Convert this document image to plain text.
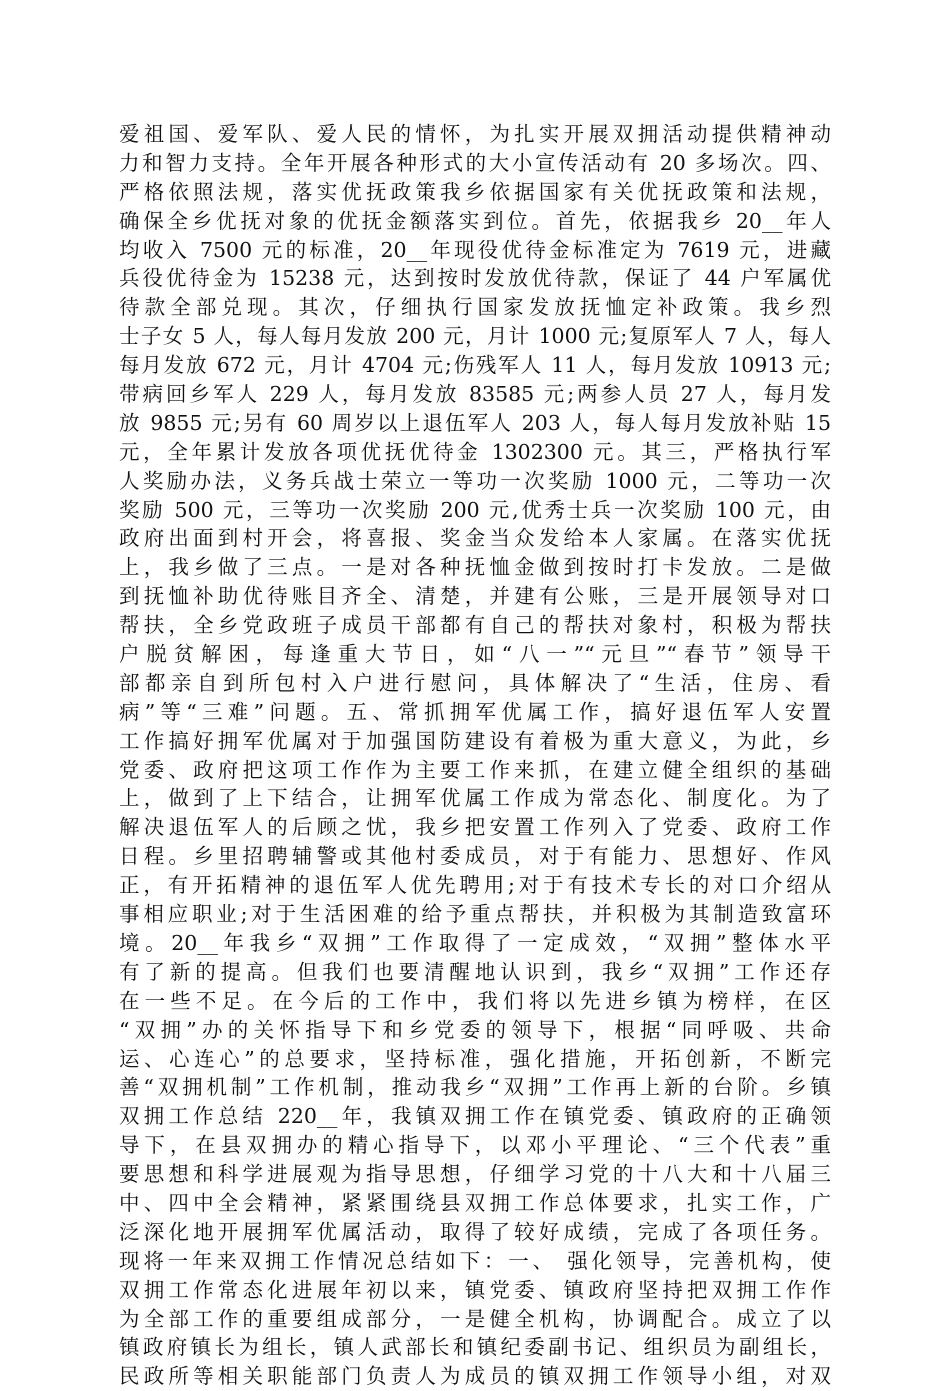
爱祖国、爱军队、爱人民的情怀，为扎实开展双拥活动提供精神动
力和智力支持。全年开展各种形式的大小宣传活动有 20 多场次。四、
严格依照法规，落实优抚政策我乡依据国家有关优抚政策和法规，
确保全乡优抚对象的优抚金额落实到位。首先，依据我乡 20__年人
均收入 7500 元的标准，20__年现役优待金标准定为 7619 元，进藏
兵役优待金为 15238 元，达到按时发放优待款，保证了 44 户军属优
待款全部兑现。其次，仔细执行国家发放抚恤定补政策。我乡烈
士子女 5 人，每人每月发放 200 元，月计 1000 元;复原军人 7 人，每人
每月发放 672 元，月计 4704 元;伤残军人 11 人，每月发放 10913 元;
带病回乡军人 229 人，每月发放 83585 元;两参人员 27 人，每月发
放 9855 元;另有 60 周岁以上退伍军人 203 人，每人每月发放补贴 15
元，全年累计发放各项优抚优待金 1302300 元。其三，严格执行军
人奖励办法，义务兵战士荣立一等功一次奖励 1000 元，二等功一次
奖励 500 元，三等功一次奖励 200 元,优秀士兵一次奖励 100 元，由
政府出面到村开会，将喜报、奖金当众发给本人家属。在落实优抚
上，我乡做了三点。一是对各种抚恤金做到按时打卡发放。二是做
到抚恤补助优待账目齐全、清楚，并建有公账，三是开展领导对口
帮扶，全乡党政班子成员干部都有自己的帮扶对象村，积极为帮扶
户脱贫解困，每逢重大节日，如“八一”“元旦”“春节”领导干
部都亲自到所包村入户进行慰问，具体解决了“生活，住房、看
病”等“三难”问题。五、常抓拥军优属工作，搞好退伍军人安置
工作搞好拥军优属对于加强国防建设有着极为重大意义，为此，乡
党委、政府把这项工作作为主要工作来抓，在建立健全组织的基础
上，做到了上下结合，让拥军优属工作成为常态化、制度化。为了
解决退伍军人的后顾之忧，我乡把安置工作列入了党委、政府工作
日程。乡里招聘辅警或其他村委成员，对于有能力、思想好、作风
正，有开拓精神的退伍军人优先聘用;对于有技术专长的对口介绍从
事相应职业;对于生活困难的给予重点帮扶，并积极为其制造致富环
境。20__年我乡“双拥”工作取得了一定成效，“双拥”整体水平
有了新的提高。但我们也要清醒地认识到，我乡“双拥”工作还存
在一些不足。在今后的工作中，我们将以先进乡镇为榜样，在区
“双拥”办的关怀指导下和乡党委的领导下，根据“同呼吸、共命
运、心连心”的总要求，坚持标准，强化措施，开拓创新，不断完
善“双拥机制”工作机制，推动我乡“双拥”工作再上新的台阶。乡镇
双拥工作总结 220__年，我镇双拥工作在镇党委、镇政府的正确领
导下，在县双拥办的精心指导下，以邓小平理论、“三个代表”重
要思想和科学进展观为指导思想，仔细学习党的十八大和十八届三
中、四中全会精神，紧紧围绕县双拥工作总体要求，扎实工作，广
泛深化地开展拥军优属活动，取得了较好成绩，完成了各项任务。
现将一年来双拥工作情况总结如下：一、 强化领导，完善机构，使
双拥工作常态化进展年初以来，镇党委、镇政府坚持把双拥工作作
为全部工作的重要组成部分，一是健全机构，协调配合。成立了以
镇政府镇长为组长，镇人武部长和镇纪委副书记、组织员为副组长，
民政所等相关职能部门负责人为成员的镇双拥工作领导小组，对双
